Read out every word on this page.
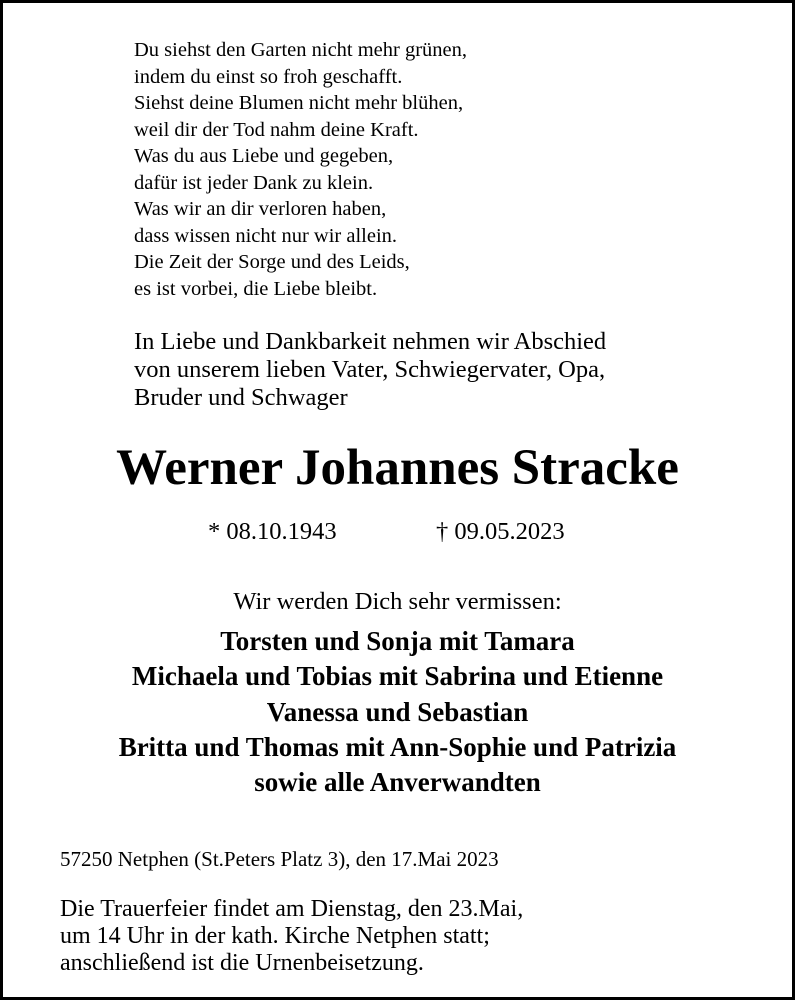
Du siehst den Garten nicht mehr grünen,
indem du einst so froh geschafft.
Siehst deine Blumen nicht mehr blühen,
weil dir der Tod nahm deine Kraft.
Was du aus Liebe und gegeben,
dafür ist jeder Dank zu klein.
Was wir an dir verloren haben,
dass wissen nicht nur wir allein.
Die Zeit der Sorge und des Leids,
es ist vorbei, die Liebe bleibt.
In Liebe und Dankbarkeit nehmen wir Abschied
von unserem lieben Vater, Schwiegervater, Opa,
Bruder und Schwager
Werner Johannes Stracke
* 08.10.1943	† 09.05.2023
Wir werden Dich sehr vermissen:
Torsten und Sonja mit Tamara
Michaela und Tobias mit Sabrina und Etienne
Vanessa und Sebastian
Britta und Thomas mit Ann-Sophie und Patrizia
sowie alle Anverwandten
57250 Netphen (St.Peters Platz 3), den 17.Mai 2023
Die Trauerfeier findet am Dienstag, den 23.Mai,
um 14 Uhr in der kath. Kirche Netphen statt;
anschließend ist die Urnenbeisetzung.
